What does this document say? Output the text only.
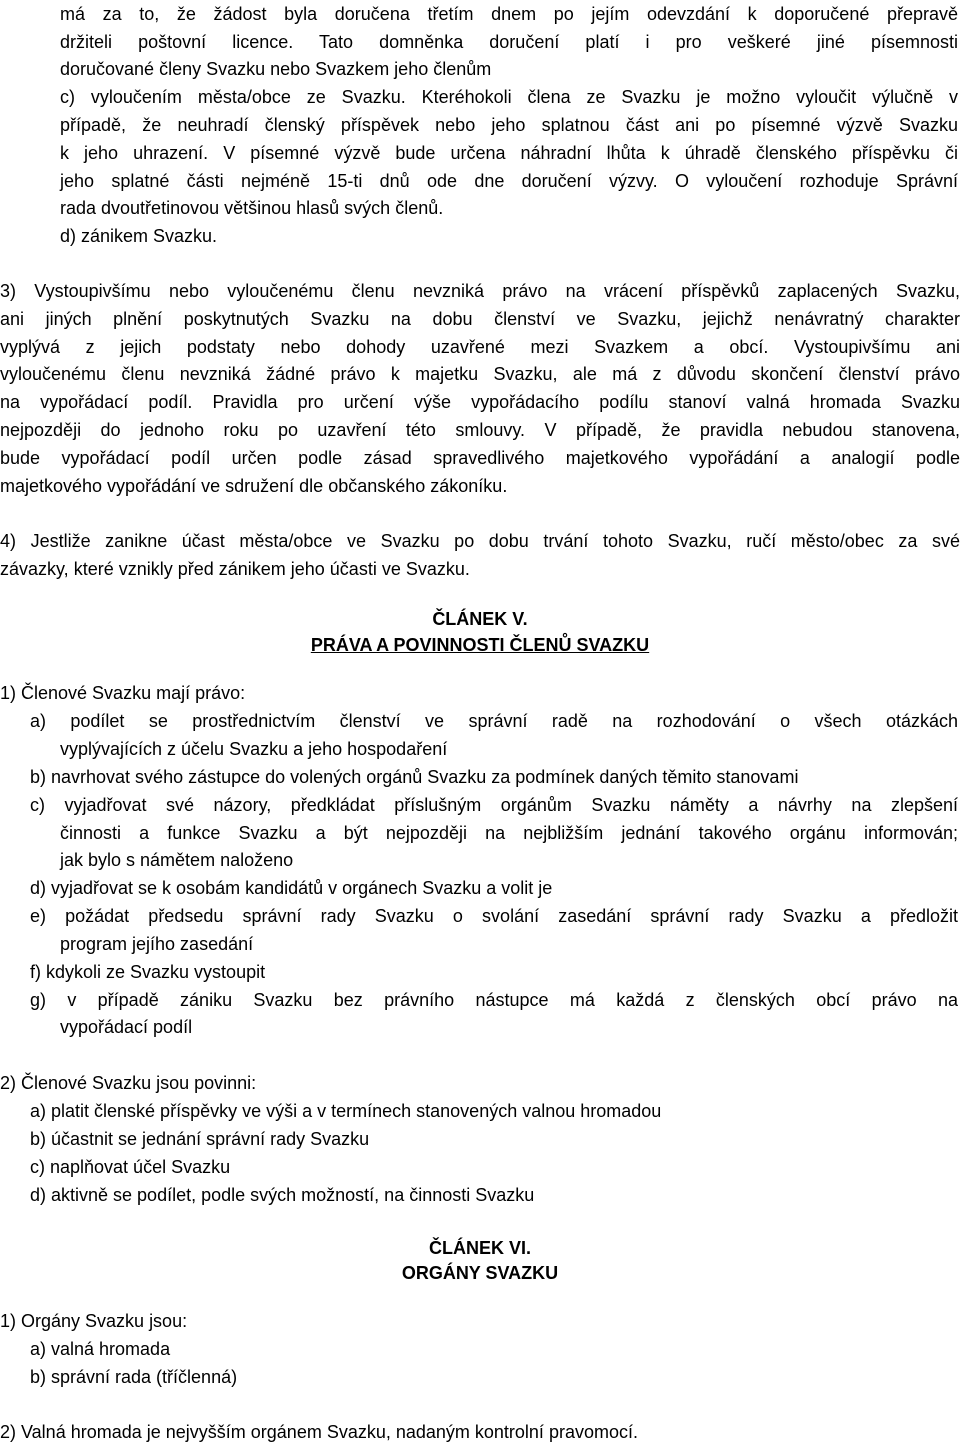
má za to, že žádost byla doručena třetím dnem po jejím odevzdání k doporučené přepravě
držiteli poštovní licence. Tato domněnka doručení platí i pro veškeré jiné písemnosti
doručované členy Svazku nebo Svazkem jeho členům
c) vyloučením města/obce ze Svazku. Kteréhokoli člena ze Svazku je možno vyloučit výlučně v
případě, že neuhradí členský příspěvek nebo jeho splatnou část ani po písemné výzvě Svazku
k jeho uhrazení. V písemné výzvě bude určena náhradní lhůta k úhradě členského příspěvku či
jeho splatné části nejméně 15-ti dnů ode dne doručení výzvy. O vyloučení rozhoduje Správní
rada dvoutřetinovou většinou hlasů svých členů.
d) zánikem Svazku.
3) Vystoupivšímu nebo vyloučenému členu nevzniká právo na vrácení příspěvků zaplacených Svazku,
ani jiných plnění poskytnutých Svazku na dobu členství ve Svazku, jejichž nenávratný charakter
vyplývá z jejich podstaty nebo dohody uzavřené mezi Svazkem a obcí. Vystoupivšímu ani
vyloučenému členu nevzniká žádné právo k majetku Svazku, ale má z důvodu skončení členství právo
na vypořádací podíl. Pravidla pro určení výše vypořádacího podílu stanoví valná hromada Svazku
nejpozději do jednoho roku po uzavření této smlouvy. V případě, že pravidla nebudou stanovena,
bude vypořádací podíl určen podle zásad spravedlivého majetkového vypořádání a analogií podle
majetkového vypořádání ve sdružení dle občanského zákoníku.
4) Jestliže zanikne účast města/obce ve Svazku po dobu trvání tohoto Svazku, ručí město/obec za své
závazky, které vznikly před zánikem jeho účasti ve Svazku.
ČLÁNEK V.
PRÁVA A POVINNOSTI ČLENŮ SVAZKU
1) Členové Svazku mají právo:
a) podílet se prostřednictvím členství ve správní radě na rozhodování o všech otázkách
vyplývajících z účelu Svazku a jeho hospodaření
b) navrhovat svého zástupce do volených orgánů Svazku za podmínek daných těmito stanovami
c) vyjadřovat své názory, předkládat příslušným orgánům Svazku náměty a návrhy na zlepšení
činnosti a funkce Svazku a být nejpozději na nejbližším jednání takového orgánu informován;
jak bylo s námětem naloženo
d) vyjadřovat se k osobám kandidátů v orgánech Svazku a volit je
e) požádat předsedu správní rady Svazku o svolání zasedání správní rady Svazku a předložit
program jejího zasedání
f) kdykoli ze Svazku vystoupit
g) v případě zániku Svazku bez právního nástupce má každá z členských obcí právo na
vypořádací podíl
2) Členové Svazku jsou povinni:
a) platit členské příspěvky ve výši a v termínech stanovených valnou hromadou
b) účastnit se jednání správní rady Svazku
c) naplňovat účel Svazku
d) aktivně se podílet, podle svých možností, na činnosti Svazku
ČLÁNEK VI.
ORGÁNY SVAZKU
1) Orgány Svazku jsou:
a) valná hromada
b) správní rada (tříčlenná)
2) Valná hromada je nejvyšším orgánem Svazku, nadaným kontrolní pravomocí.
